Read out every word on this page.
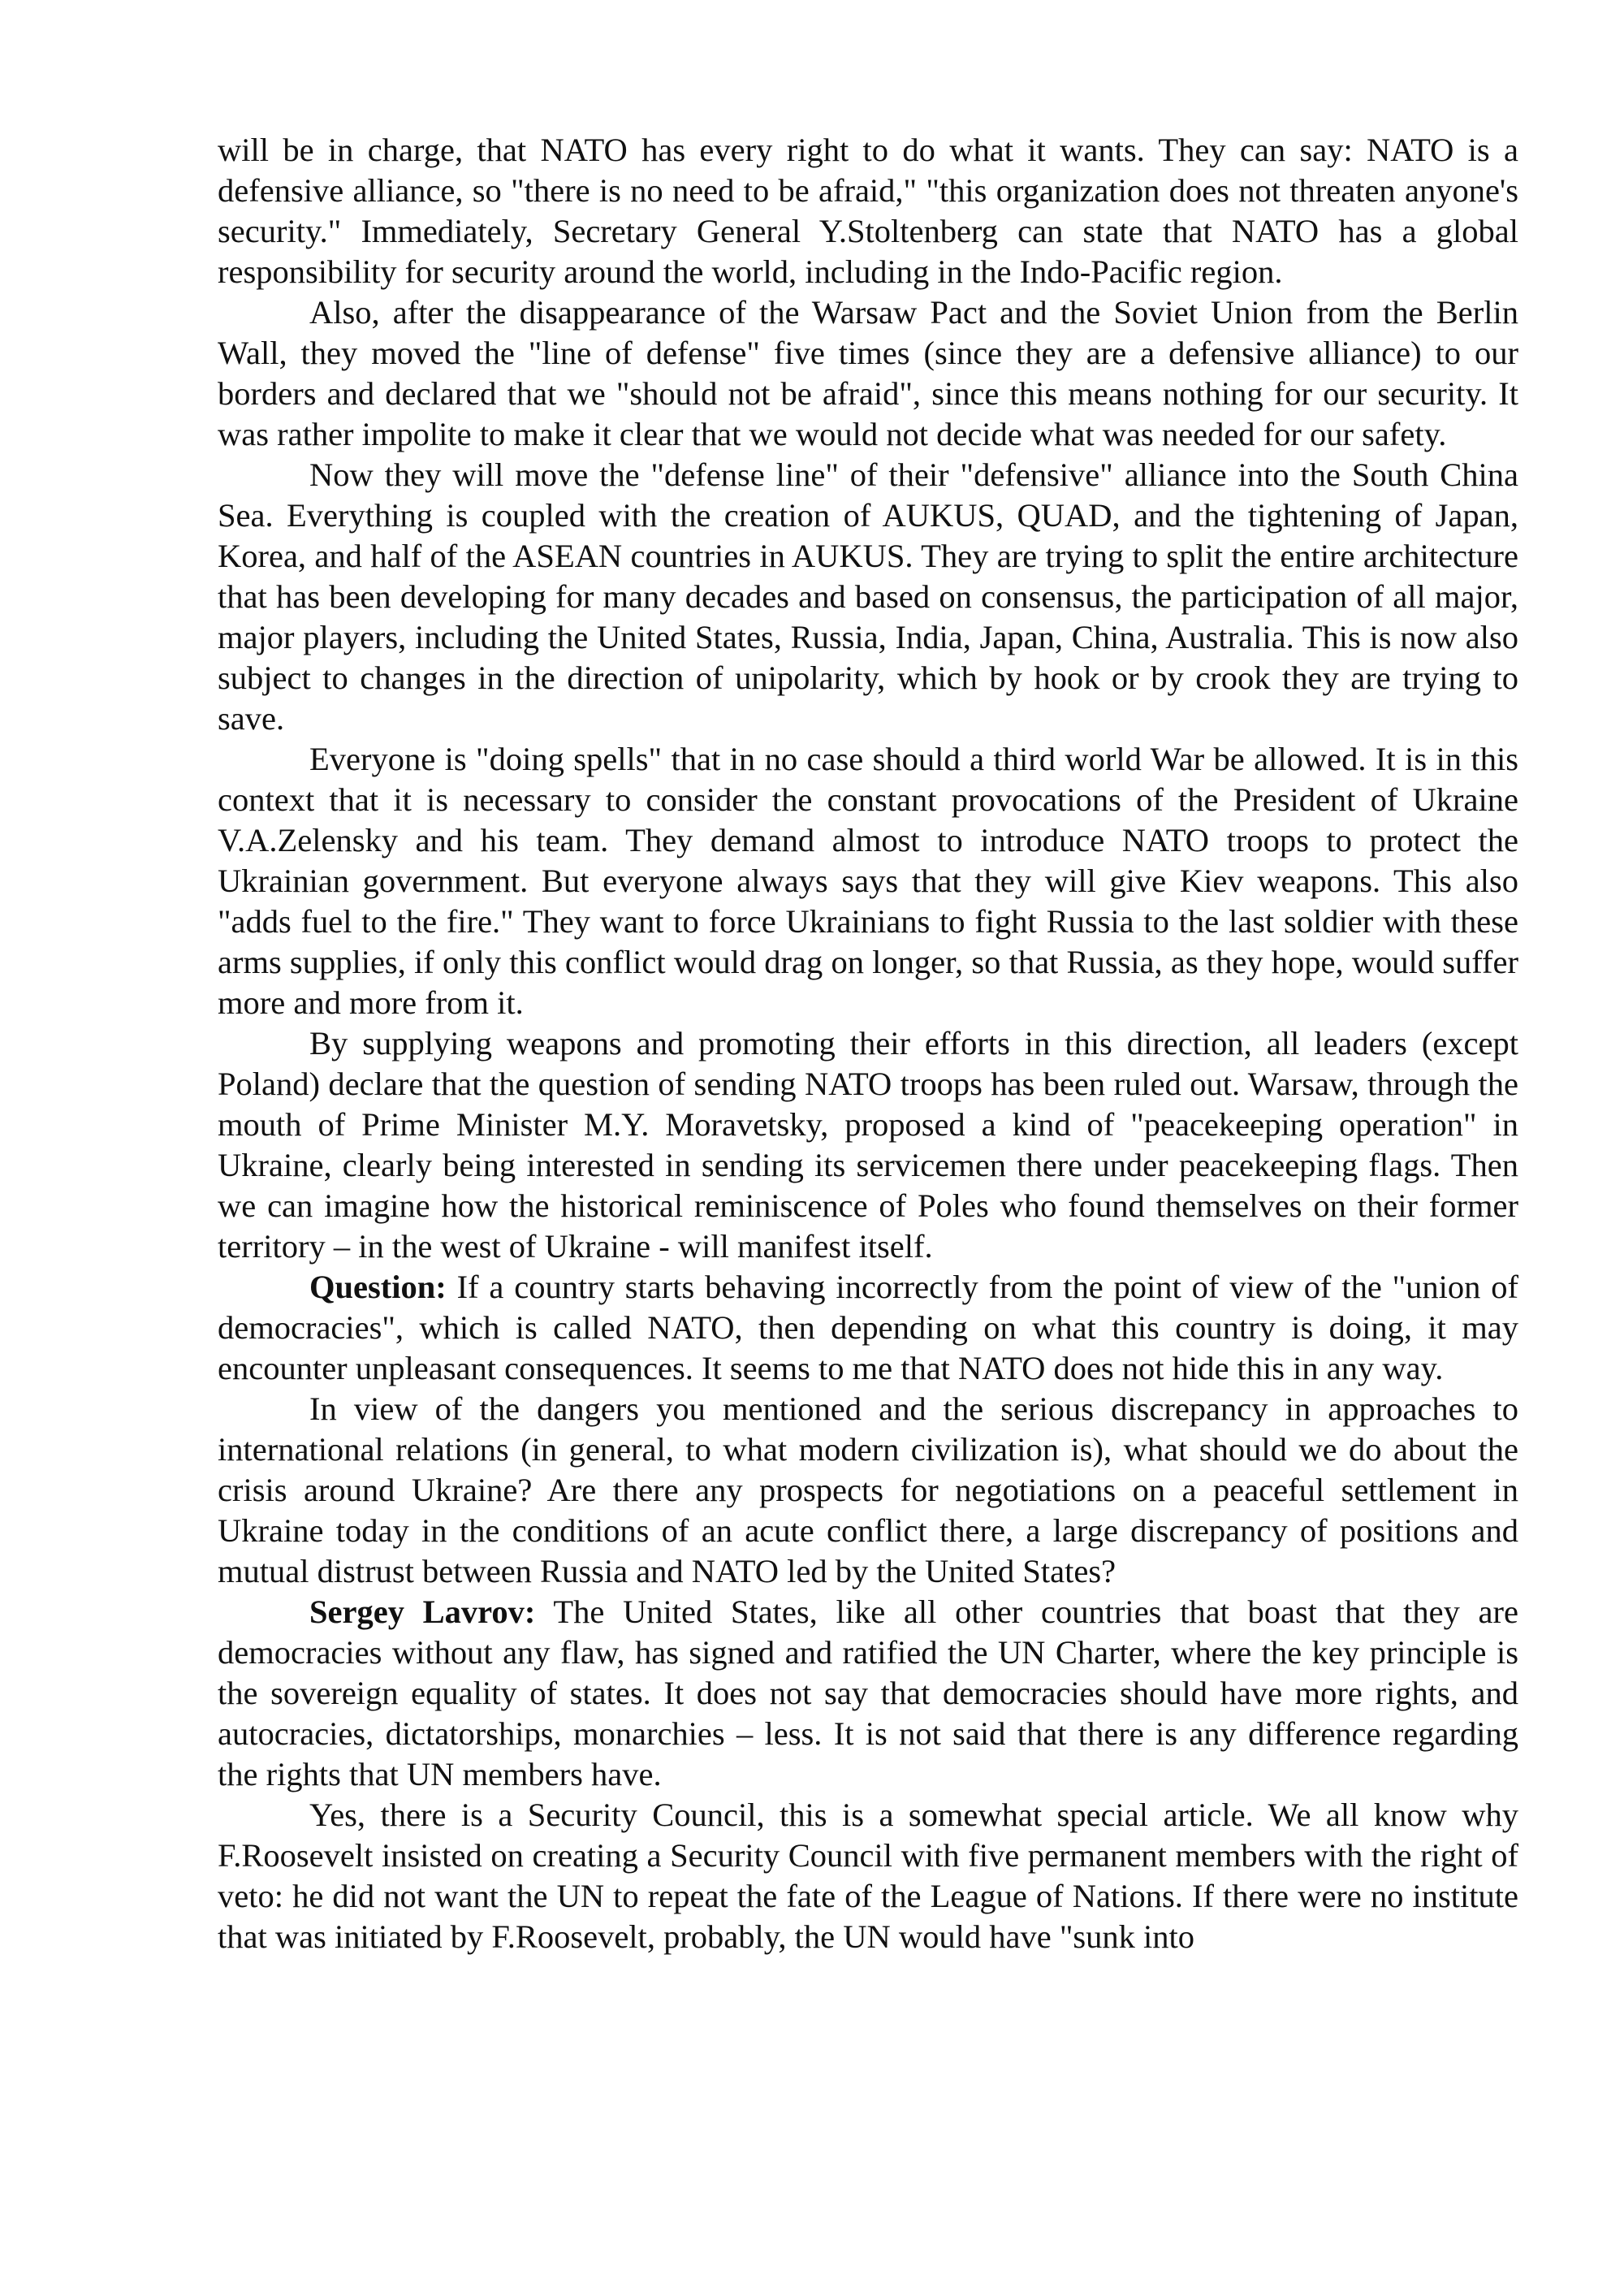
will be in charge, that NATO has every right to do what it wants. They can say: NATO is a defensive alliance, so "there is no need to be afraid," "this organization does not threaten anyone's security." Immediately, Secretary General Y.Stoltenberg can state that NATO has a global responsibility for security around the world, including in the Indo-Pacific region.

Also, after the disappearance of the Warsaw Pact and the Soviet Union from the Berlin Wall, they moved the "line of defense" five times (since they are a defensive alliance) to our borders and declared that we "should not be afraid", since this means nothing for our security. It was rather impolite to make it clear that we would not decide what was needed for our safety.

Now they will move the "defense line" of their "defensive" alliance into the South China Sea. Everything is coupled with the creation of AUKUS, QUAD, and the tightening of Japan, Korea, and half of the ASEAN countries in AUKUS. They are trying to split the entire architecture that has been developing for many decades and based on consensus, the participation of all major, major players, including the United States, Russia, India, Japan, China, Australia. This is now also subject to changes in the direction of unipolarity, which by hook or by crook they are trying to save.

Everyone is "doing spells" that in no case should a third world War be allowed. It is in this context that it is necessary to consider the constant provocations of the President of Ukraine V.A.Zelensky and his team. They demand almost to introduce NATO troops to protect the Ukrainian government. But everyone always says that they will give Kiev weapons. This also "adds fuel to the fire." They want to force Ukrainians to fight Russia to the last soldier with these arms supplies, if only this conflict would drag on longer, so that Russia, as they hope, would suffer more and more from it.

By supplying weapons and promoting their efforts in this direction, all leaders (except Poland) declare that the question of sending NATO troops has been ruled out. Warsaw, through the mouth of Prime Minister M.Y. Moravetsky, proposed a kind of "peacekeeping operation" in Ukraine, clearly being interested in sending its servicemen there under peacekeeping flags. Then we can imagine how the historical reminiscence of Poles who found themselves on their former territory – in the west of Ukraine - will manifest itself.

Question: If a country starts behaving incorrectly from the point of view of the "union of democracies", which is called NATO, then depending on what this country is doing, it may encounter unpleasant consequences. It seems to me that NATO does not hide this in any way.

In view of the dangers you mentioned and the serious discrepancy in approaches to international relations (in general, to what modern civilization is), what should we do about the crisis around Ukraine? Are there any prospects for negotiations on a peaceful settlement in Ukraine today in the conditions of an acute conflict there, a large discrepancy of positions and mutual distrust between Russia and NATO led by the United States?

Sergey Lavrov: The United States, like all other countries that boast that they are democracies without any flaw, has signed and ratified the UN Charter, where the key principle is the sovereign equality of states. It does not say that democracies should have more rights, and autocracies, dictatorships, monarchies – less. It is not said that there is any difference regarding the rights that UN members have.

Yes, there is a Security Council, this is a somewhat special article. We all know why F.Roosevelt insisted on creating a Security Council with five permanent members with the right of veto: he did not want the UN to repeat the fate of the League of Nations. If there were no institute that was initiated by F.Roosevelt, probably, the UN would have "sunk into
